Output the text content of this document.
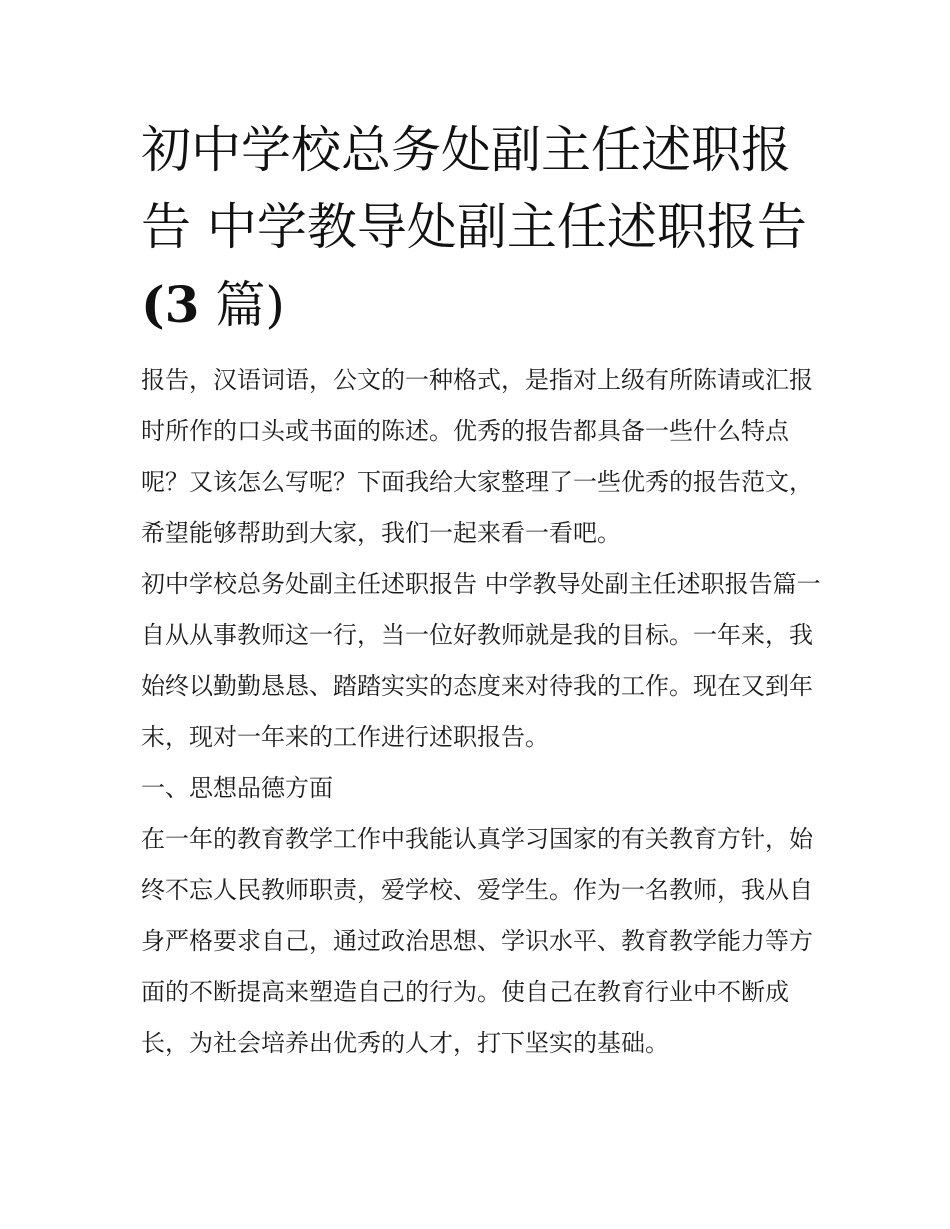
初中学校总务处副主任述职报
告 中学教导处副主任述职报告
(3 篇)

报告，汉语词语，公文的一种格式，是指对上级有所陈请或汇报时所作的口头或书面的陈述。优秀的报告都具备一些什么特点呢？又该怎么写呢？下面我给大家整理了一些优秀的报告范文，希望能够帮助到大家，我们一起来看一看吧。

初中学校总务处副主任述职报告 中学教导处副主任述职报告篇一

自从从事教师这一行，当一位好教师就是我的目标。一年来，我始终以勤勤恳恳、踏踏实实的态度来对待我的工作。现在又到年末，现对一年来的工作进行述职报告。

一、思想品德方面

在一年的教育教学工作中我能认真学习国家的有关教育方针，始终不忘人民教师职责，爱学校、爱学生。作为一名教师，我从自身严格要求自己，通过政治思想、学识水平、教育教学能力等方面的不断提高来塑造自己的行为。使自己在教育行业中不断成长，为社会培养出优秀的人才，打下坚实的基础。
